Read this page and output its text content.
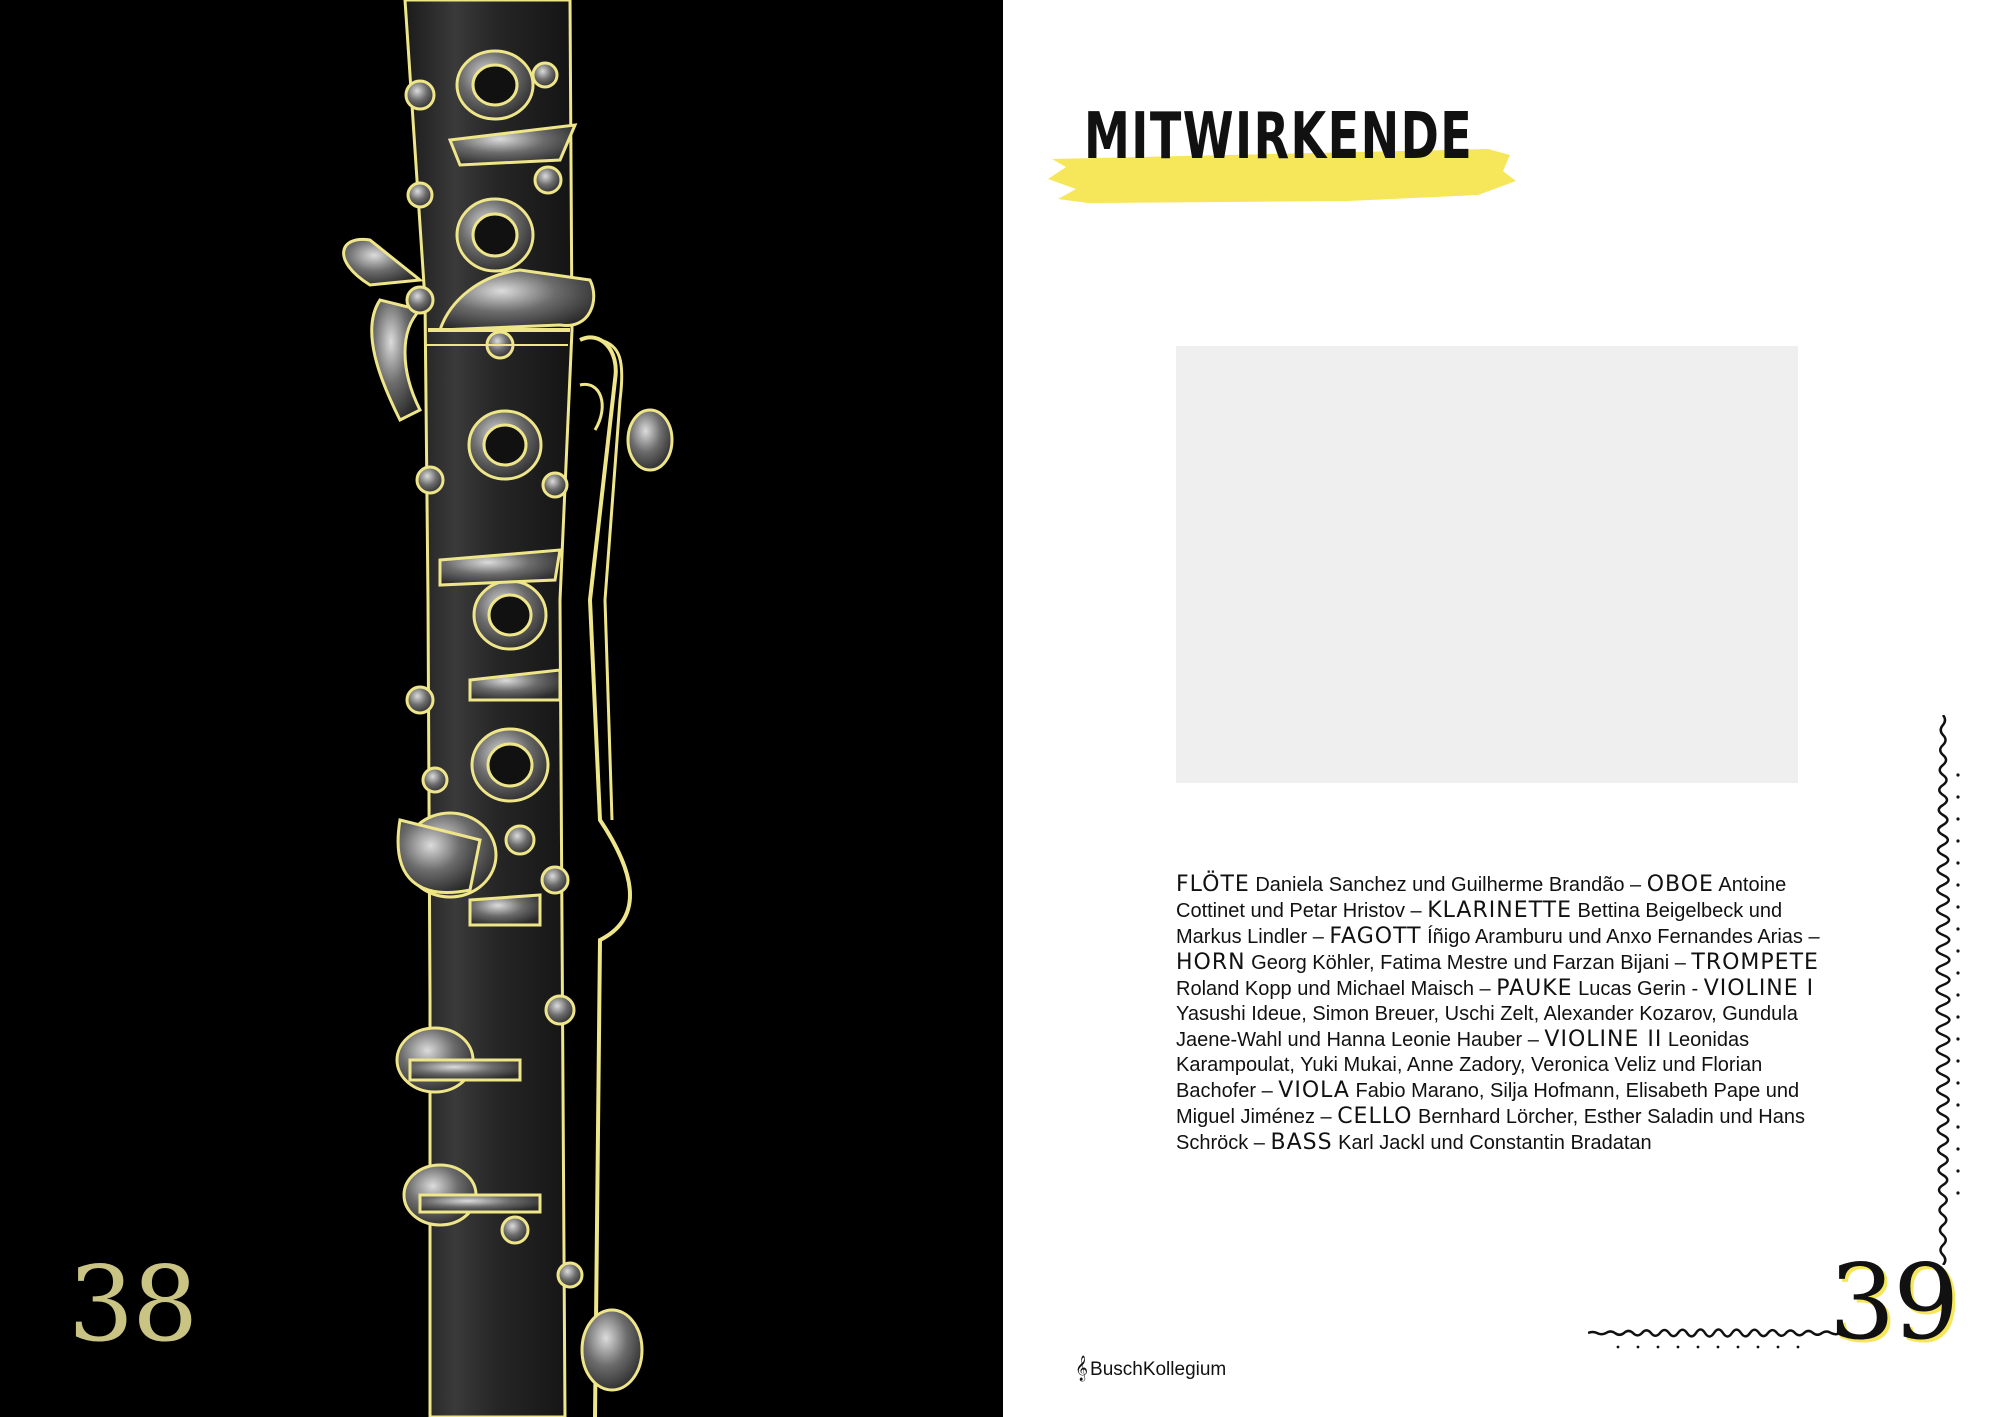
38
MITWIRKENDE
FLÖTE Daniela Sanchez und Guilherme Brandão – OBOE Antoine Cottinet und Petar Hristov – KLARINETTE Bettina Beigelbeck und Markus Lindler – FAGOTT Íñigo Aramburu und Anxo Fernandes Arias – HORN Georg Köhler, Fatima Mestre und Farzan Bijani – TROMPETE Roland Kopp und Michael Maisch – PAUKE Lucas Gerin - VIOLINE I Yasushi Ideue, Simon Breuer, Uschi Zelt, Alexander Kozarov, Gundula Jaene-Wahl und Hanna Leonie Hauber – VIOLINE II Leonidas Karampoulat, Yuki Mukai, Anne Zadory, Veronica Veliz und Florian Bachofer – VIOLA Fabio Marano, Silja Hofmann, Elisabeth Pape und Miguel Jiménez – CELLO Bernhard Lörcher, Esther Saladin und Hans Schröck – BASS Karl Jackl und Constantin Bradatan
39
𝄞 BuschKollegium
